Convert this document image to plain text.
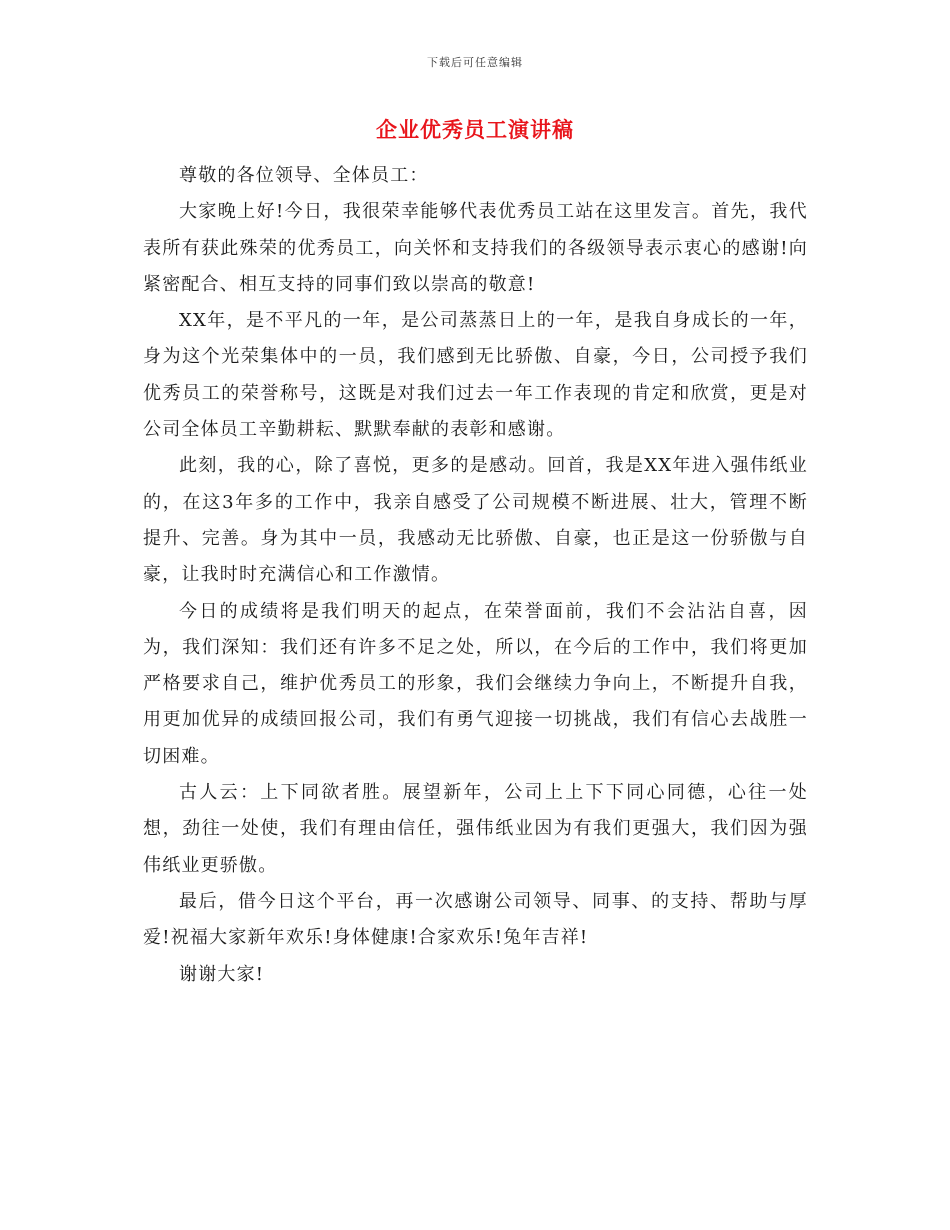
下载后可任意编辑
企业优秀员工演讲稿

尊敬的各位领导、全体员工：

大家晚上好!今日，我很荣幸能够代表优秀员工站在这里发言。首先，我代表所有获此殊荣的优秀员工，向关怀和支持我们的各级领导表示衷心的感谢!向紧密配合、相互支持的同事们致以崇高的敬意!

XX年，是不平凡的一年，是公司蒸蒸日上的一年，是我自身成长的一年，身为这个光荣集体中的一员，我们感到无比骄傲、自豪，今日，公司授予我们优秀员工的荣誉称号，这既是对我们过去一年工作表现的肯定和欣赏，更是对公司全体员工辛勤耕耘、默默奉献的表彰和感谢。

此刻，我的心，除了喜悦，更多的是感动。回首，我是XX年进入强伟纸业的，在这3年多的工作中，我亲自感受了公司规模不断进展、壮大，管理不断提升、完善。身为其中一员，我感动无比骄傲、自豪，也正是这一份骄傲与自豪，让我时时充满信心和工作激情。

今日的成绩将是我们明天的起点，在荣誉面前，我们不会沾沾自喜，因为，我们深知：我们还有许多不足之处，所以，在今后的工作中，我们将更加严格要求自己，维护优秀员工的形象，我们会继续力争向上，不断提升自我，用更加优异的成绩回报公司，我们有勇气迎接一切挑战，我们有信心去战胜一切困难。

古人云：上下同欲者胜。展望新年，公司上上下下同心同德，心往一处想，劲往一处使，我们有理由信任，强伟纸业因为有我们更强大，我们因为强伟纸业更骄傲。

最后，借今日这个平台，再一次感谢公司领导、同事、的支持、帮助与厚爱!祝福大家新年欢乐!身体健康!合家欢乐!兔年吉祥!

谢谢大家!
